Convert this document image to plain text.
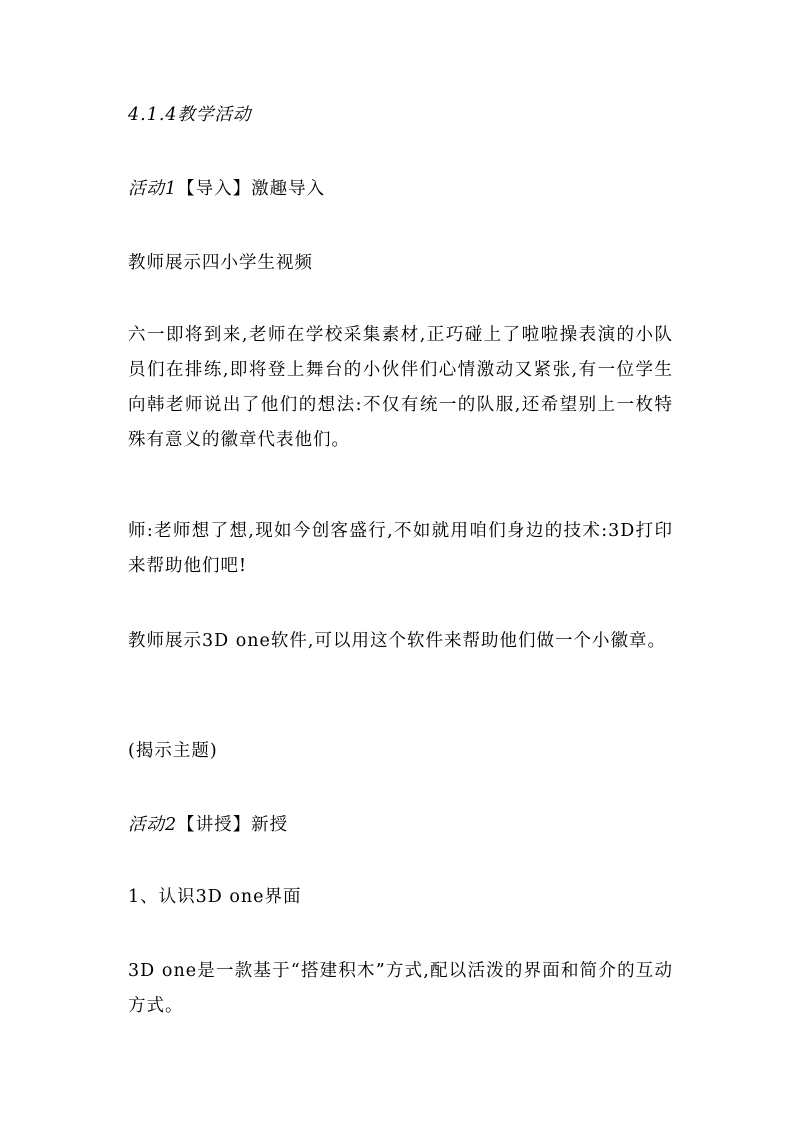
4.1.4教学活动

活动1【导入】激趣导入

教师展示四小学生视频

六一即将到来,老师在学校采集素材,正巧碰上了啦啦操表演的小队员们在排练,即将登上舞台的小伙伴们心情激动又紧张,有一位学生向韩老师说出了他们的想法:不仅有统一的队服,还希望别上一枚特殊有意义的徽章代表他们。

师:老师想了想,现如今创客盛行,不如就用咱们身边的技术:3D打印来帮助他们吧!

教师展示3D one软件,可以用这个软件来帮助他们做一个小徽章。

(揭示主题)

活动2【讲授】新授

1、认识3D one界面

3D one是一款基于“搭建积木”方式,配以活泼的界面和简介的互动方式。
